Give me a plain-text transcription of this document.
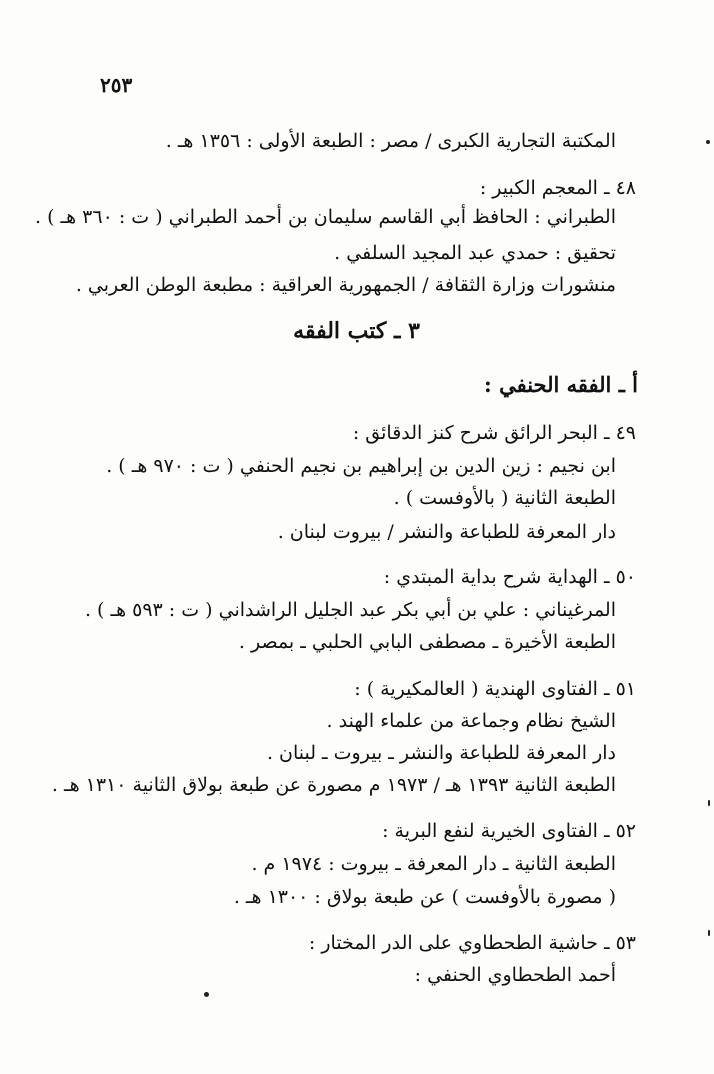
٢٥٣
المكتبة التجارية الكبرى / مصر : الطبعة الأولى : ١٣٥٦ هـ .
٤٨ ـ المعجم الكبير :
الطبراني : الحافظ أبي القاسم سليمان بن أحمد الطبراني ( ت : ٣٦٠ هـ ) .
تحقيق : حمدي عبد المجيد السلفي .
منشورات وزارة الثقافة / الجمهورية العراقية : مطبعة الوطن العربي .
٣ ـ كتب الفقه
أ ـ الفقه الحنفي :
٤٩ ـ البحر الرائق شرح كنز الدقائق :
ابن نجيم : زين الدين بن إبراهيم بن نجيم الحنفي ( ت : ٩٧٠ هـ ) .
الطبعة الثانية ( بالأوفست ) .
دار المعرفة للطباعة والنشر / بيروت لبنان .
٥٠ ـ الهداية شرح بداية المبتدي :
المرغيناني : علي بن أبي بكر عبد الجليل الراشداني ( ت : ٥٩٣ هـ ) .
الطبعة الأخيرة ـ مصطفى البابي الحلبي ـ بمصر .
٥١ ـ الفتاوى الهندية ( العالمكيرية ) :
الشيخ نظام وجماعة من علماء الهند .
دار المعرفة للطباعة والنشر ـ بيروت ـ لبنان .
الطبعة الثانية ١٣٩٣ هـ / ١٩٧٣ م مصورة عن طبعة بولاق الثانية ١٣١٠ هـ .
٥٢ ـ الفتاوى الخيرية لنفع البرية :
الطبعة الثانية ـ دار المعرفة ـ بيروت : ١٩٧٤ م .
( مصورة بالأوفست ) عن طبعة بولاق : ١٣٠٠ هـ .
٥٣ ـ حاشية الطحطاوي على الدر المختار :
أحمد الطحطاوي الحنفي :
